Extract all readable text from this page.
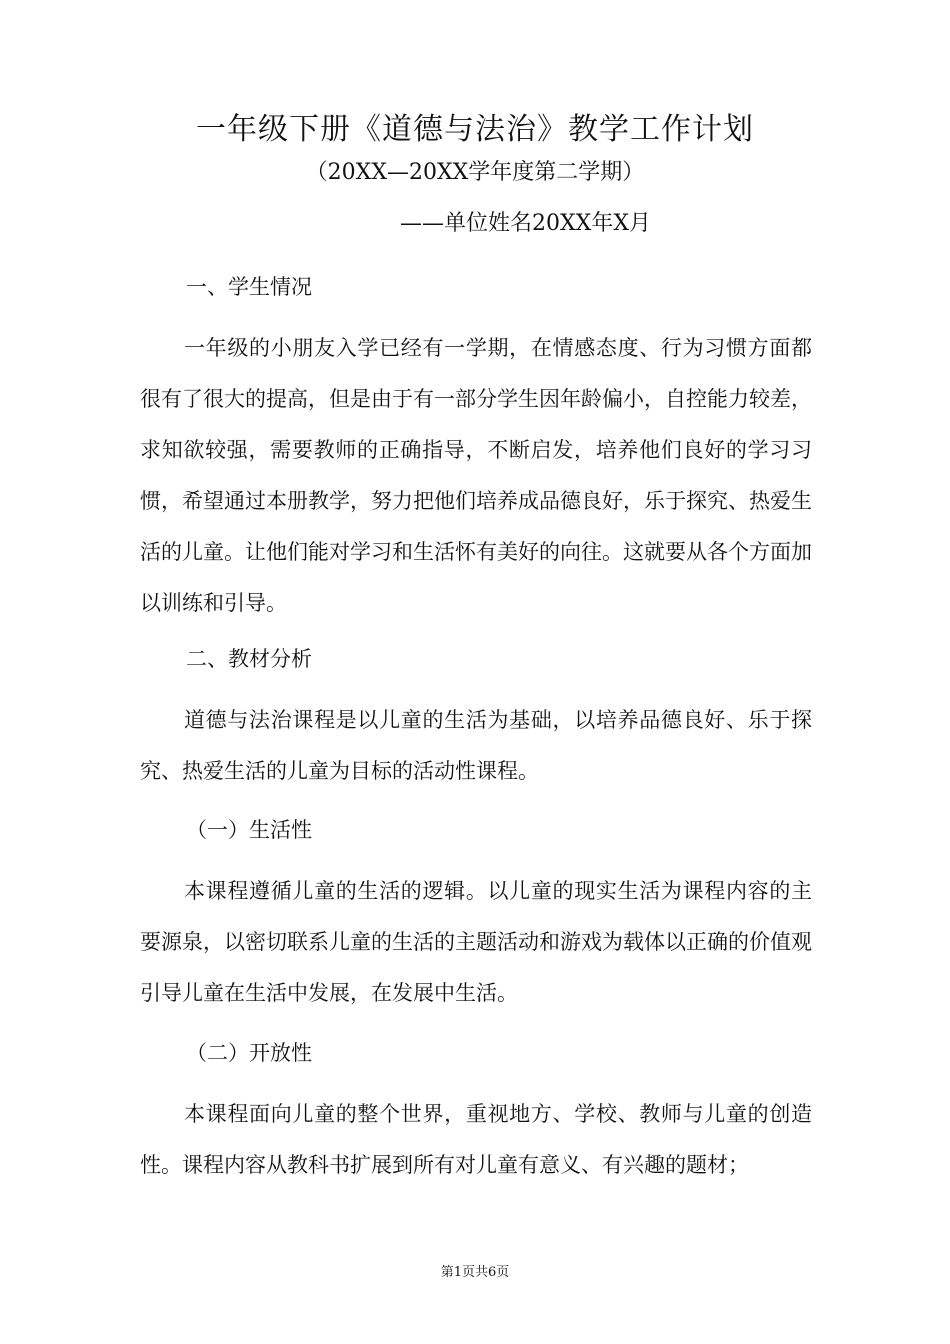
一年级下册《道德与法治》教学工作计划

（20XX—20XX学年度第二学期）

——单位姓名20XX年X月

一、学生情况

一年级的小朋友入学已经有一学期，在情感态度、行为习惯方面都很有了很大的提高，但是由于有一部分学生因年龄偏小，自控能力较差，求知欲较强，需要教师的正确指导，不断启发，培养他们良好的学习习惯，希望通过本册教学，努力把他们培养成品德良好，乐于探究、热爱生活的儿童。让他们能对学习和生活怀有美好的向往。这就要从各个方面加以训练和引导。

二、教材分析

道德与法治课程是以儿童的生活为基础，以培养品德良好、乐于探究、热爱生活的儿童为目标的活动性课程。

（一）生活性

本课程遵循儿童的生活的逻辑。以儿童的现实生活为课程内容的主要源泉，以密切联系儿童的生活的主题活动和游戏为载体以正确的价值观引导儿童在生活中发展，在发展中生活。

（二）开放性

本课程面向儿童的整个世界，重视地方、学校、教师与儿童的创造性。课程内容从教科书扩展到所有对儿童有意义、有兴趣的题材；

第1页共6页
